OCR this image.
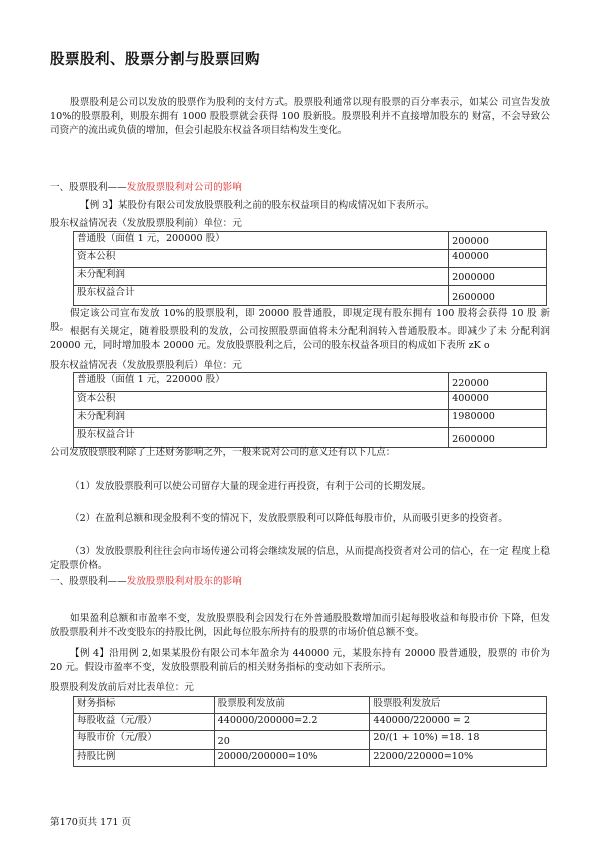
股票股利、股票分割与股票回购
股票股利是公司以发放的股票作为股利的支付方式。股票股利通常以现有股票的百分率表示，如某公 司宣告发放 10%的股票股利，则股东拥有 1000 股股票就会获得 100 股新股。股票股利并不直接增加股东的 财富，不会导致公司资产的流出或负债的增加，但会引起股东权益各项目结构发生变化。
一、股票股利——发放股票股利对公司的影响
【例 3】某股份有限公司发放股票股利之前的股东权益项目的构成情况如下表所示。
股东权益情况表（发放股票股利前）单位：元
普通股（面值 1 元，200000 股）	200000
资本公积	400000
未分配利润	2000000
股东权益合计	2600000
假定该公司宣布发放 10%的股票股利，即 20000 股普通股，即规定现有股东拥有 100 股将会获得 10 股 新股。 根据有关规定，随着股票股利的发放，公司按照股票面值将未分配利润转入普通股股本。即减少了未 分配利润 20000 元，同时增加股本 20000 元。发放股票股利之后，公司的股东权益各项目的构成如下表所 zK o
股东权益情况表（发放股票股利后）单位：元
普通股（面值 1 元，220000 股）	220000
资本公积	400000
未分配利润	1980000
股东权益合计	2600000
公司发放股票股利除了上述财务影响之外，一般来说对公司的意义还有以下几点：
（1）发放股票股利可以使公司留存大量的现金进行再投资，有利于公司的长期发展。
（2）在盈利总额和现金股利不变的情况下，发放股票股利可以降低每股市价，从而吸引更多的投资者。
（3）发放股票股利往往会向市场传递公司将会继续发展的信息，从而提高投资者对公司的信心，在一定 程度上稳定股票价格。
一、股票股利——发放股票股利对股东的影响
如果盈利总额和市盈率不变，发放股票股利会因发行在外普通股股数增加而引起每股收益和每股市价 下降，但发放股票股利并不改变股东的持股比例，因此每位股东所持有的股票的市场价值总额不变。
【例 4】沿用例 2,如果某股份有限公司本年盈余为 440000 元，某股东持有 20000 股普通股，股票的 市价为 20 元。假设市盈率不变，发放股票股利前后的相关财务指标的变动如下表所示。
股票股利发放前后对比表单位：元
财务指标	股票股利发放前	股票股利发放后
每股收益（元/股）	440000/200000=2.2	440000/220000 = 2
每股市价（元/股）	20	20/(1 + 10%) =18. 18
持股比例	20000/200000=10%	22000/220000=10%
第170页共 171 页
